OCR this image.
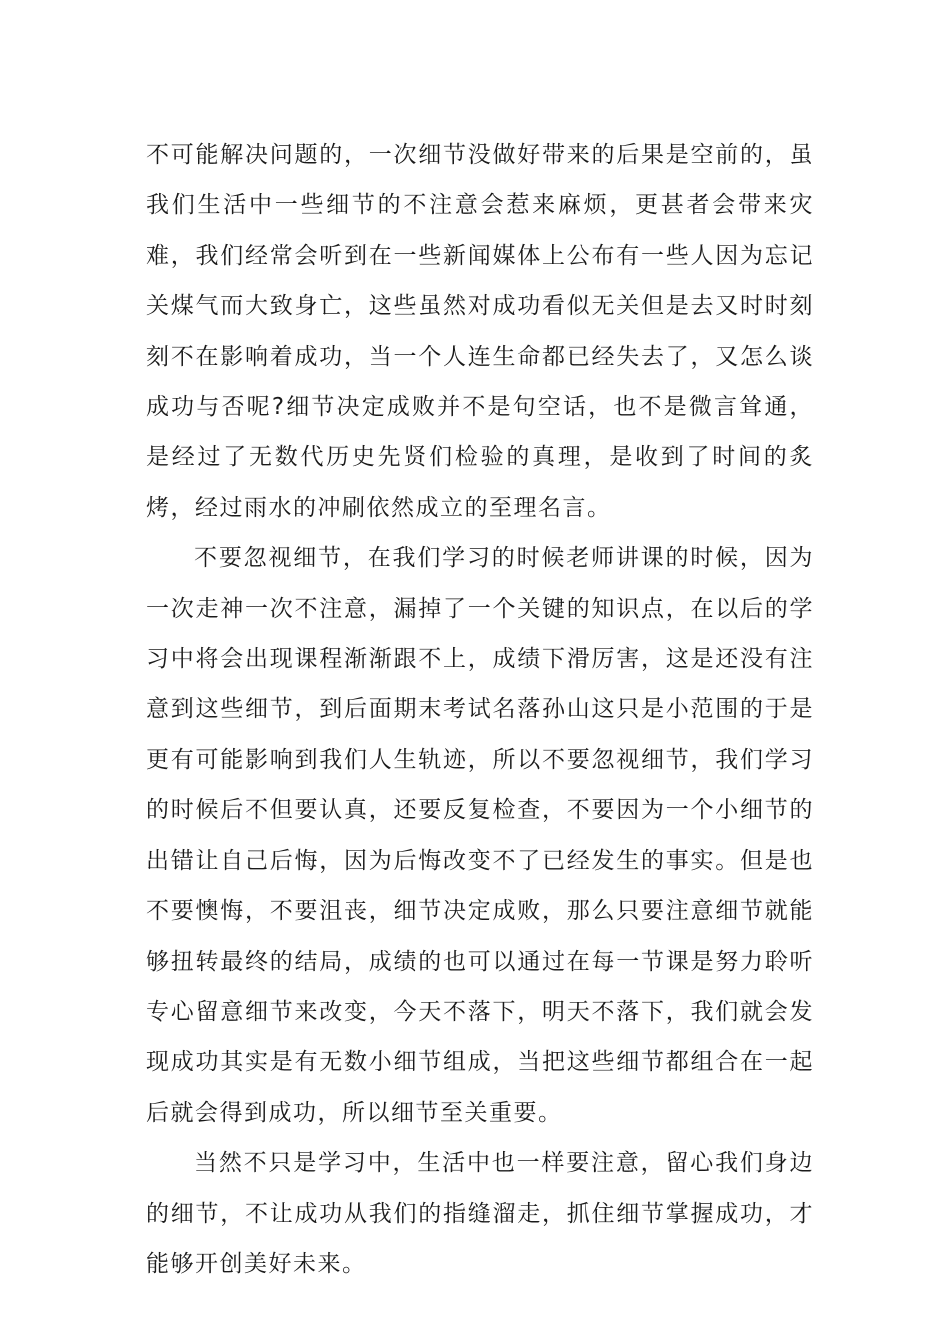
不可能解决问题的，一次细节没做好带来的后果是空前的，虽我们生活中一些细节的不注意会惹来麻烦，更甚者会带来灾难，我们经常会听到在一些新闻媒体上公布有一些人因为忘记关煤气而大致身亡，这些虽然对成功看似无关但是去又时时刻刻不在影响着成功，当一个人连生命都已经失去了，又怎么谈成功与否呢?细节决定成败并不是句空话，也不是微言耸通，是经过了无数代历史先贤们检验的真理，是收到了时间的炙烤，经过雨水的冲刷依然成立的至理名言。

不要忽视细节，在我们学习的时候老师讲课的时候，因为一次走神一次不注意，漏掉了一个关键的知识点，在以后的学习中将会出现课程渐渐跟不上，成绩下滑厉害，这是还没有注意到这些细节，到后面期末考试名落孙山这只是小范围的于是更有可能影响到我们人生轨迹，所以不要忽视细节，我们学习的时候后不但要认真，还要反复检查，不要因为一个小细节的出错让自己后悔，因为后悔改变不了已经发生的事实。但是也不要懊悔，不要沮丧，细节决定成败，那么只要注意细节就能够扭转最终的结局，成绩的也可以通过在每一节课是努力聆听专心留意细节来改变，今天不落下，明天不落下，我们就会发现成功其实是有无数小细节组成，当把这些细节都组合在一起后就会得到成功，所以细节至关重要。

当然不只是学习中，生活中也一样要注意，留心我们身边的细节，不让成功从我们的指缝溜走，抓住细节掌握成功，才能够开创美好未来。
